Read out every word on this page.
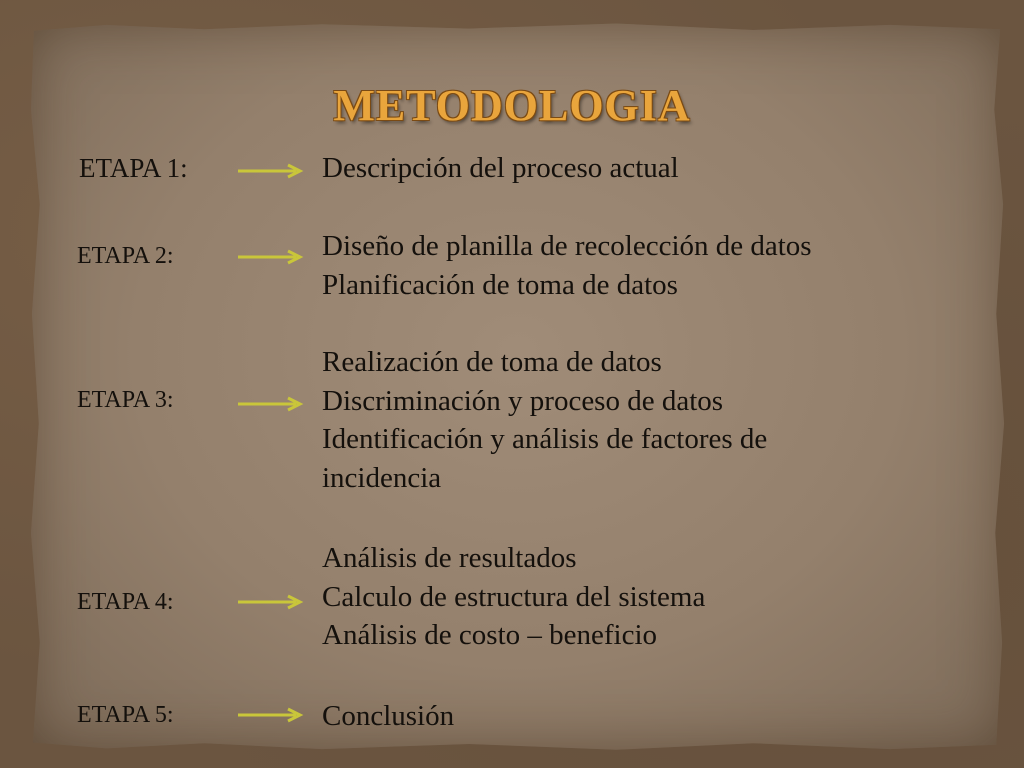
METODOLOGIA
ETAPA 1:
ETAPA 2:
ETAPA 3:
ETAPA 4:
ETAPA 5:
Descripción del proceso actual
Diseño de planilla de recolección de datos
Planificación de toma de datos
Realización de toma de datos
Discriminación y proceso de datos
Identificación y análisis de factores de
incidencia
Análisis de resultados
Calculo de estructura del sistema
Análisis de costo – beneficio
Conclusión
